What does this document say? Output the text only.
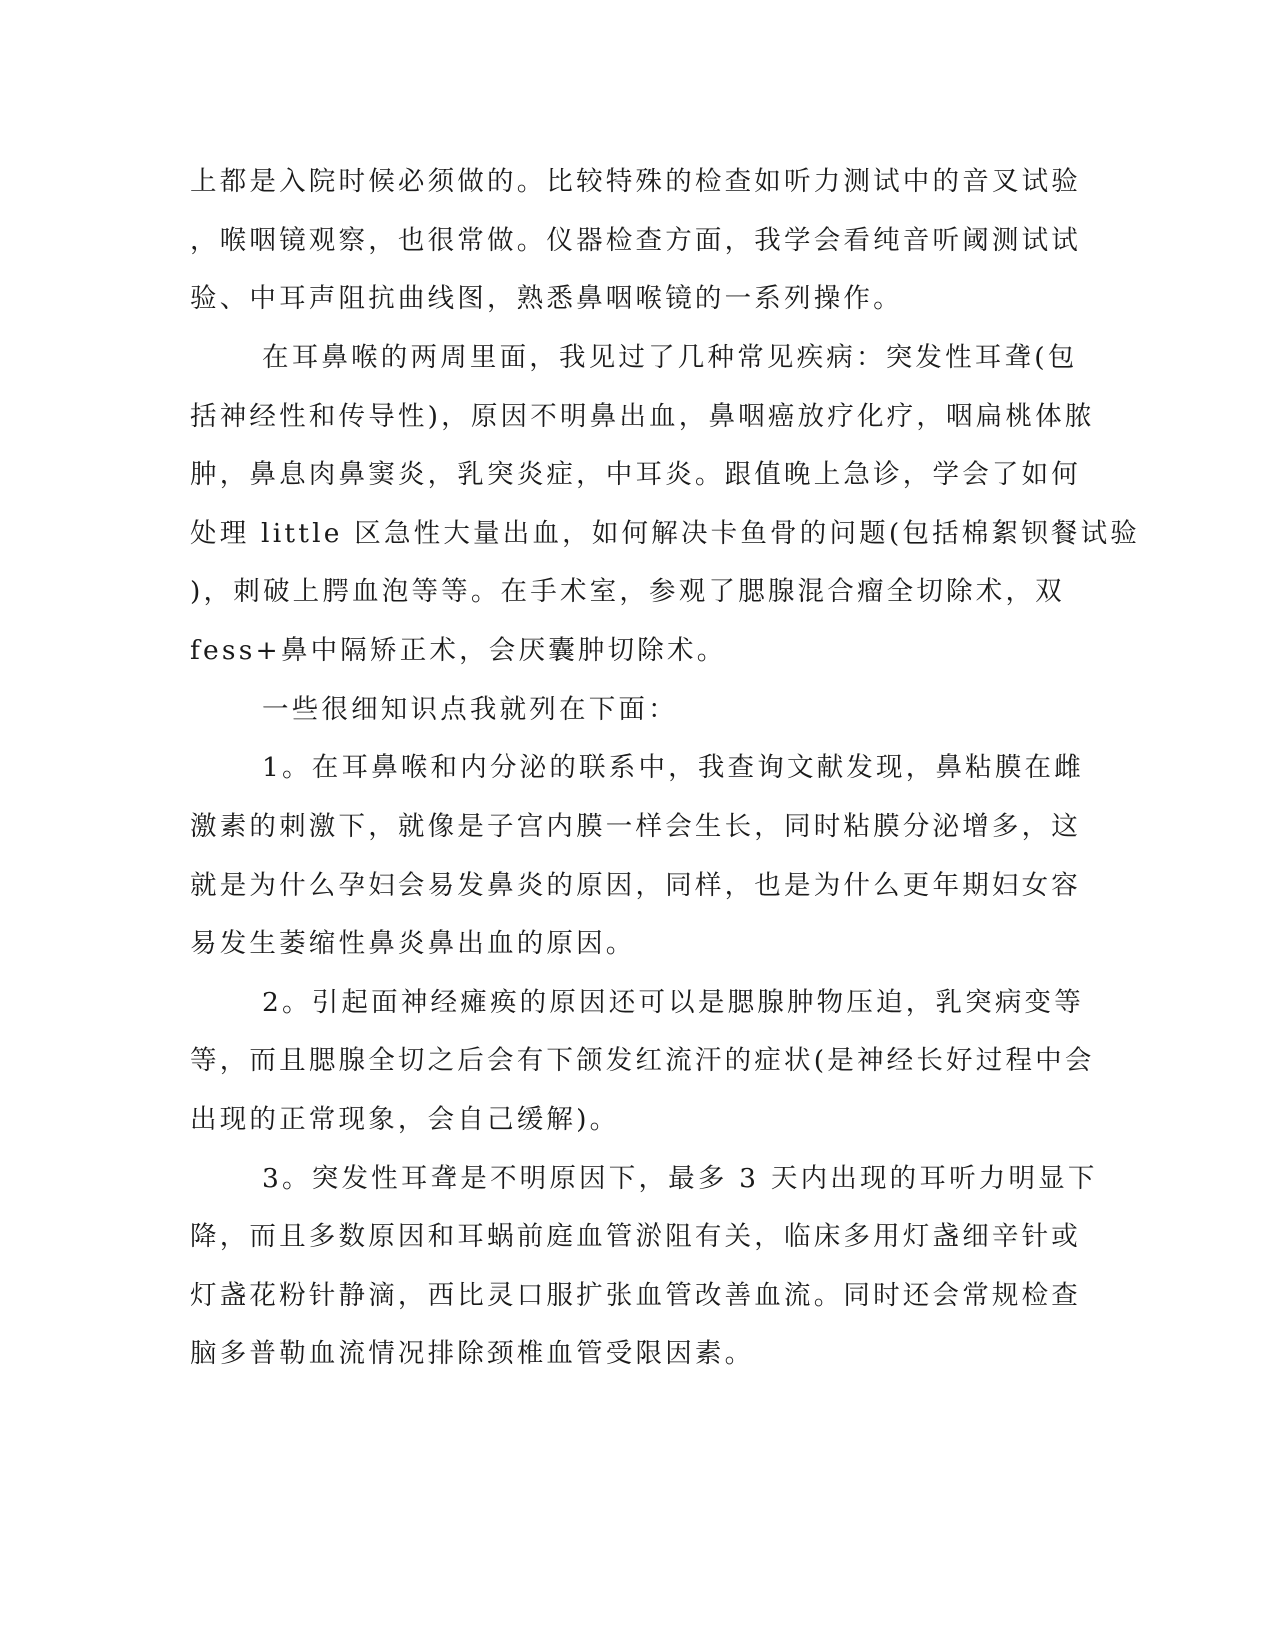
上都是入院时候必须做的。比较特殊的检查如听力测试中的音叉试验
，喉咽镜观察，也很常做。仪器检查方面，我学会看纯音听阈测试试
验、中耳声阻抗曲线图，熟悉鼻咽喉镜的一系列操作。
在耳鼻喉的两周里面，我见过了几种常见疾病：突发性耳聋(包
括神经性和传导性)，原因不明鼻出血，鼻咽癌放疗化疗，咽扁桃体脓
肿，鼻息肉鼻窦炎，乳突炎症，中耳炎。跟值晚上急诊，学会了如何
处理 little 区急性大量出血，如何解决卡鱼骨的问题(包括棉絮钡餐试验
)，刺破上腭血泡等等。在手术室，参观了腮腺混合瘤全切除术，双
fess+鼻中隔矫正术，会厌囊肿切除术。
一些很细知识点我就列在下面：
1。在耳鼻喉和内分泌的联系中，我查询文献发现，鼻粘膜在雌
激素的刺激下，就像是子宫内膜一样会生长，同时粘膜分泌增多，这
就是为什么孕妇会易发鼻炎的原因，同样，也是为什么更年期妇女容
易发生萎缩性鼻炎鼻出血的原因。
2。引起面神经瘫痪的原因还可以是腮腺肿物压迫，乳突病变等
等，而且腮腺全切之后会有下颌发红流汗的症状(是神经长好过程中会
出现的正常现象，会自己缓解)。
3。突发性耳聋是不明原因下，最多 3 天内出现的耳听力明显下
降，而且多数原因和耳蜗前庭血管淤阻有关，临床多用灯盏细辛针或
灯盏花粉针静滴，西比灵口服扩张血管改善血流。同时还会常规检查
脑多普勒血流情况排除颈椎血管受限因素。
